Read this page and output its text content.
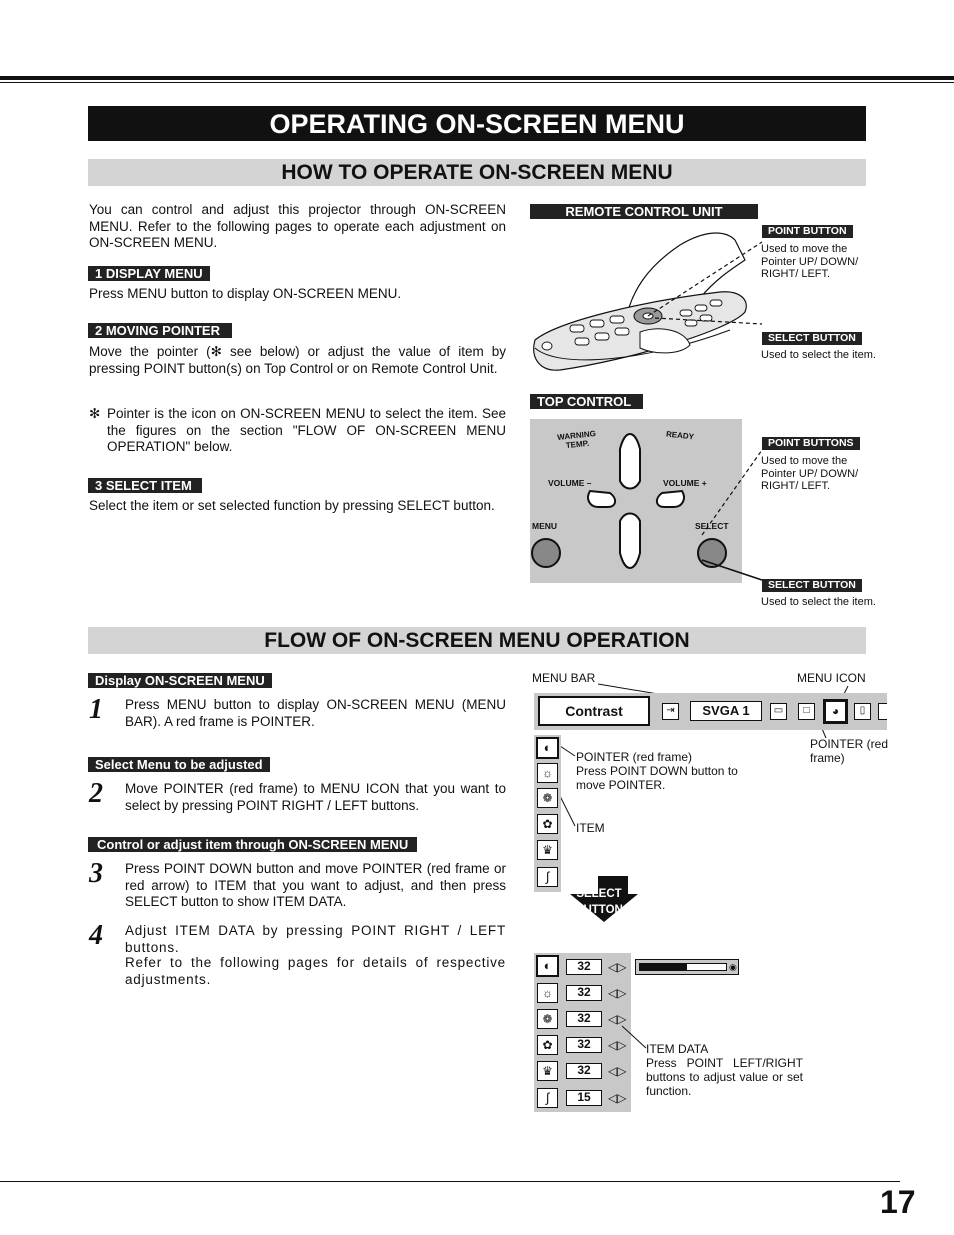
OPERATING ON-SCREEN MENU
HOW TO OPERATE ON-SCREEN MENU
You can control and adjust this projector through ON-SCREEN MENU. Refer to the following pages to operate each adjustment on ON-SCREEN MENU.
1 DISPLAY MENU
Press MENU button to display ON-SCREEN MENU.
2 MOVING POINTER
Move the pointer (✻ see below) or adjust the value of item by pressing POINT button(s) on Top Control or on Remote Control Unit.
✻ Pointer is the icon on ON-SCREEN MENU to select the item. See the figures on the section "FLOW OF ON-SCREEN MENU OPERATION" below.
3 SELECT ITEM
Select the item or set selected function by pressing SELECT button.
REMOTE CONTROL UNIT
POINT BUTTON
Used to move the Pointer UP/ DOWN/ RIGHT/ LEFT.
SELECT BUTTON
Used to select the item.
TOP CONTROL
WARNING TEMP.
READY
VOLUME –	VOLUME +
MENU	SELECT
POINT BUTTONS
Used to move the Pointer UP/ DOWN/ RIGHT/ LEFT.
SELECT BUTTON
Used to select the item.
FLOW OF ON-SCREEN MENU OPERATION
Display ON-SCREEN MENU
1 Press MENU button to display ON-SCREEN MENU (MENU BAR). A red frame is POINTER.
Select Menu to be adjusted
2 Move POINTER (red frame) to MENU ICON that you want to select by pressing POINT RIGHT / LEFT buttons.
Control or adjust item through ON-SCREEN MENU
3 Press POINT DOWN button and move POINTER (red frame or red arrow) to ITEM that you want to adjust, and then press SELECT button to show ITEM DATA.
4 Adjust ITEM DATA by pressing POINT RIGHT / LEFT buttons.
Refer to the following pages for details of respective adjustments.
MENU BAR	MENU ICON
Contrast	⇥	SVGA 1	▭	□	◕	▯
POINTER (red frame)
◐
☼
❁
✿
♛
∫
POINTER (red frame)
Press POINT DOWN button to move POINTER.
ITEM
SELECT
BUTTON
◐
☼
❁
✿
♛
∫
32
32
32
32
32
15
◁▷
◁▷
◁▷
◁▷
◁▷
◁▷
◉
ITEM DATA
Press POINT LEFT/RIGHT buttons to adjust value or set function.
17
